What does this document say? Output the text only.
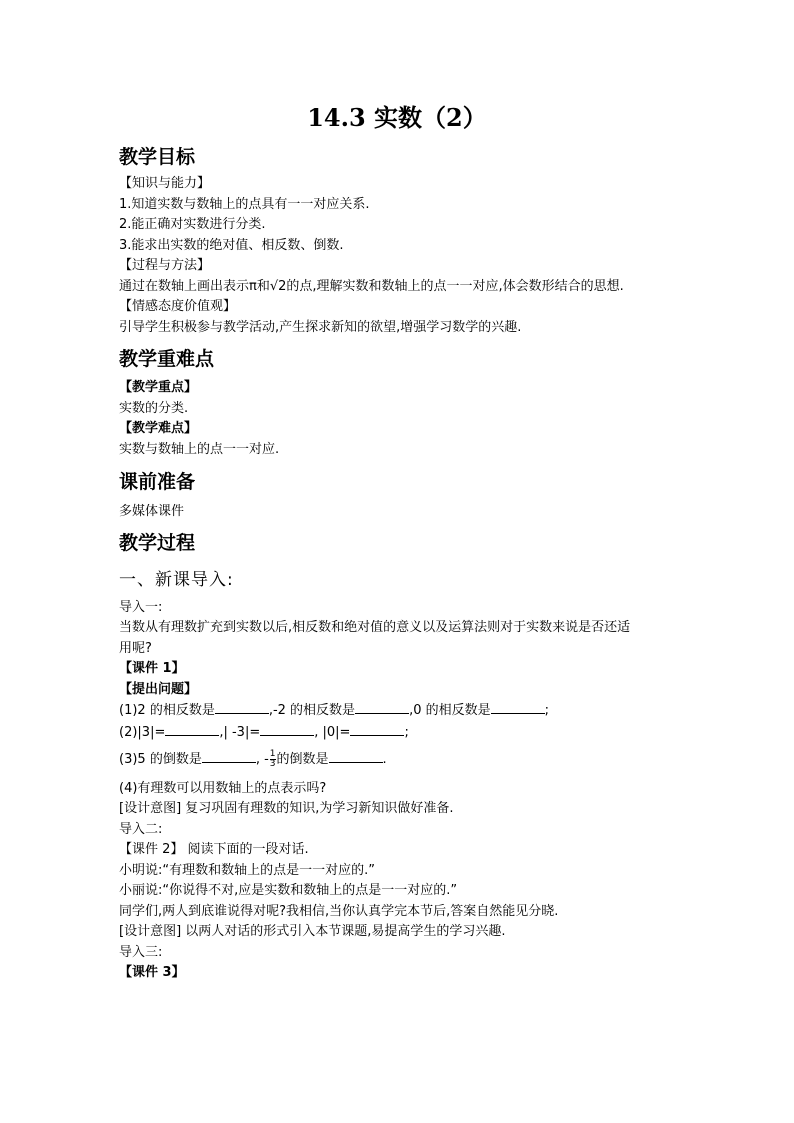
14.3 实数（2）
教学目标
【知识与能力】
1.知道实数与数轴上的点具有一一对应关系.
2.能正确对实数进行分类.
3.能求出实数的绝对值、相反数、倒数.
【过程与方法】
通过在数轴上画出表示π和√2的点,理解实数和数轴上的点一一对应,体会数形结合的思想.
【情感态度价值观】
引导学生积极参与教学活动,产生探求新知的欲望,增强学习数学的兴趣.
教学重难点
【教学重点】
实数的分类.
【教学难点】
实数与数轴上的点一一对应.
课前准备
多媒体课件
教学过程
一、新课导入:
导入一:
当数从有理数扩充到实数以后,相反数和绝对值的意义以及运算法则对于实数来说是否还适
用呢?
【课件 1】
【提出问题】
(1)2 的相反数是	,-2 的相反数是	,0 的相反数是	;
(2)|3|=	,| -3|=	, |0|=	;
(3)5 的倒数是	, - $\frac{1}{3}$ 的倒数是	.
(4)有理数可以用数轴上的点表示吗?
[设计意图] 复习巩固有理数的知识,为学习新知识做好准备.
导入二:
【课件 2】 阅读下面的一段对话.
小明说:“有理数和数轴上的点是一一对应的.”
小丽说:“你说得不对,应是实数和数轴上的点是一一对应的.”
同学们,两人到底谁说得对呢?我相信,当你认真学完本节后,答案自然能见分晓.
[设计意图] 以两人对话的形式引入本节课题,易提高学生的学习兴趣.
导入三:
【课件 3】
